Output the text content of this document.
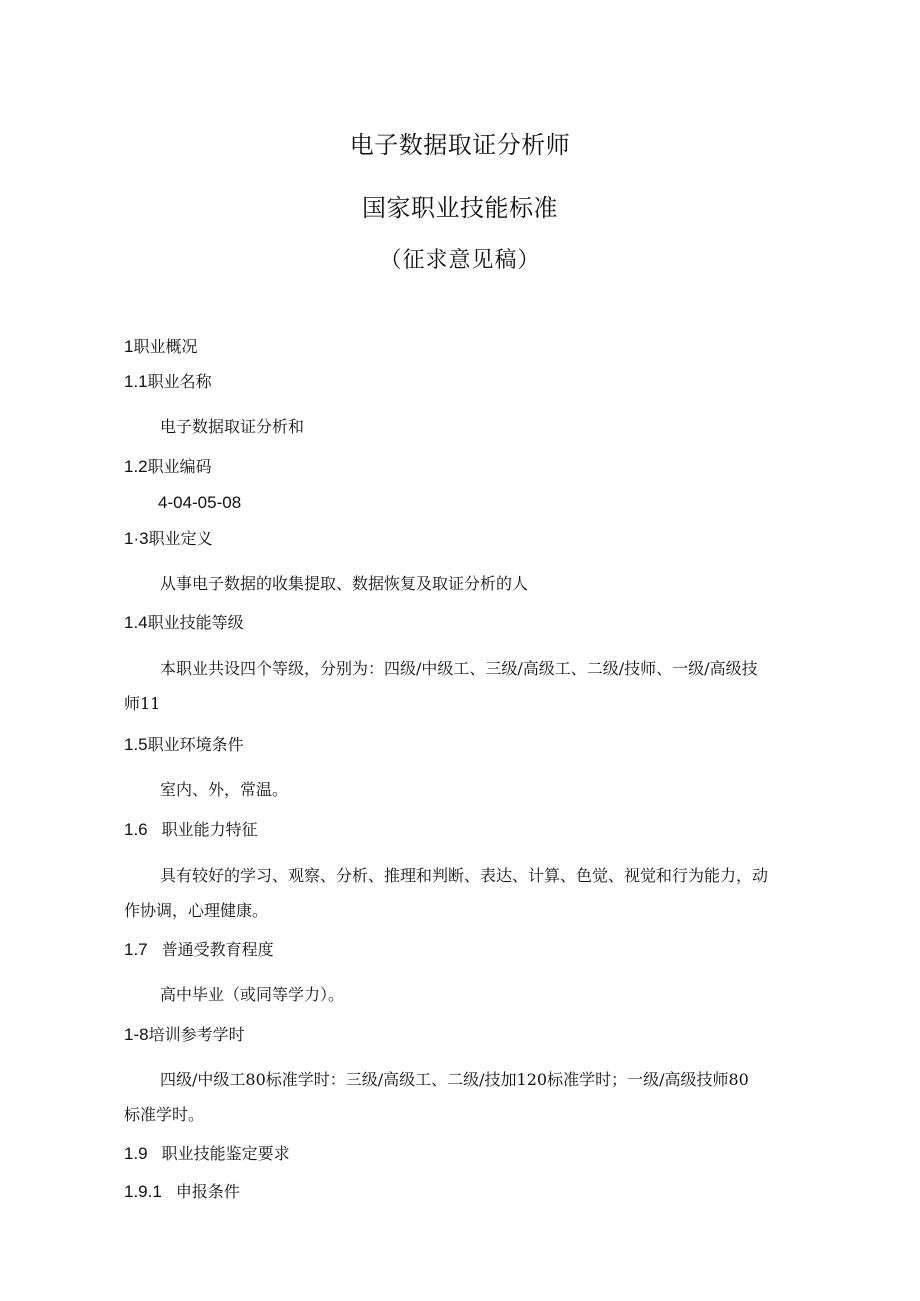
电子数据取证分析师
国家职业技能标准
（征求意见稿）
1职业概况
1.1职业名称
电子数据取证分析和
1.2职业编码
4-04-05-08
1·3职业定义
从事电子数据的收集提取、数据恢复及取证分析的人
1.4职业技能等级
本职业共设四个等级，分别为：四级/中级工、三级/高级工、二级/技师、一级/高级技
师11
1.5职业环境条件
室内、外，常温。
1.6 职业能力特征
具有较好的学习、观察、分析、推理和判断、表达、计算、色觉、视觉和行为能力，动
作协调，心理健康。
1.7 普通受教育程度
高中毕业（或同等学力）。
1-8培训参考学时
四级/中级工80标准学时：三级/高级工、二级/技加120标准学时；一级/高级技师80
标准学时。
1.9 职业技能鉴定要求
1.9.1 申报条件
